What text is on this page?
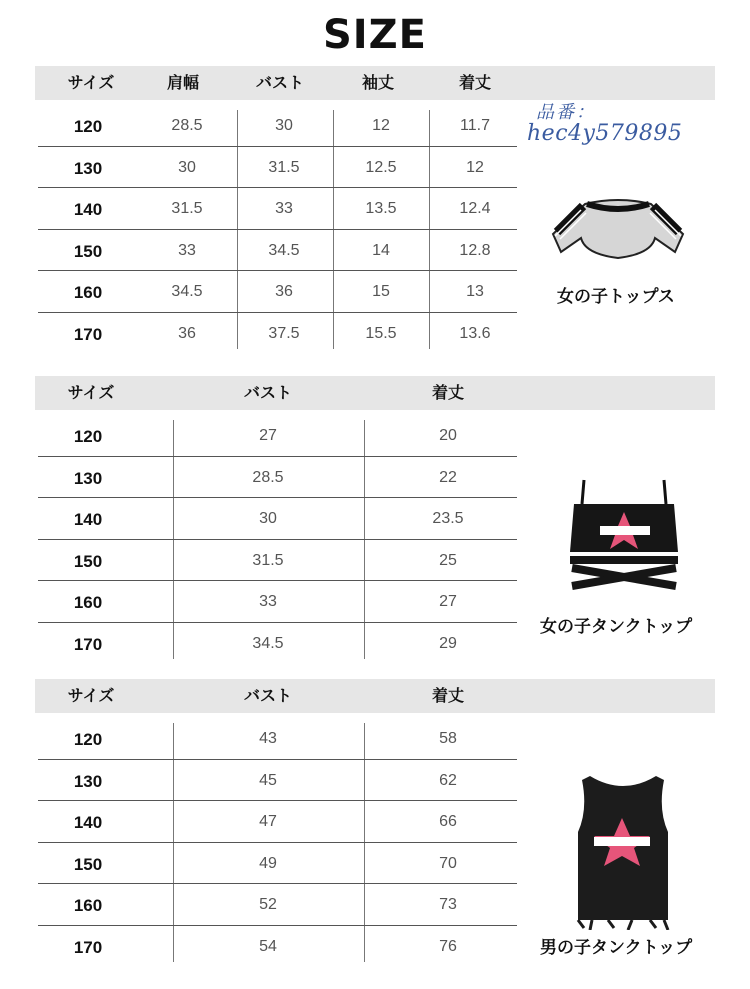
SIZE
品番：
hec4y579895
サイズ	肩幅	バスト	袖丈	着丈
120	28.5	30	12	11.7
130	30	31.5	12.5	12
140	31.5	33	13.5	12.4
150	33	34.5	14	12.8
160	34.5	36	15	13
170	36	37.5	15.5	13.6
サイズ	バスト	着丈
120	27	20
130	28.5	22
140	30	23.5
150	31.5	25
160	33	27
170	34.5	29
サイズ	バスト	着丈
120	43	58
130	45	62
140	47	66
150	49	70
160	52	73
170	54	76
女の子トップス
女の子タンクトップ
男の子タンクトップ
